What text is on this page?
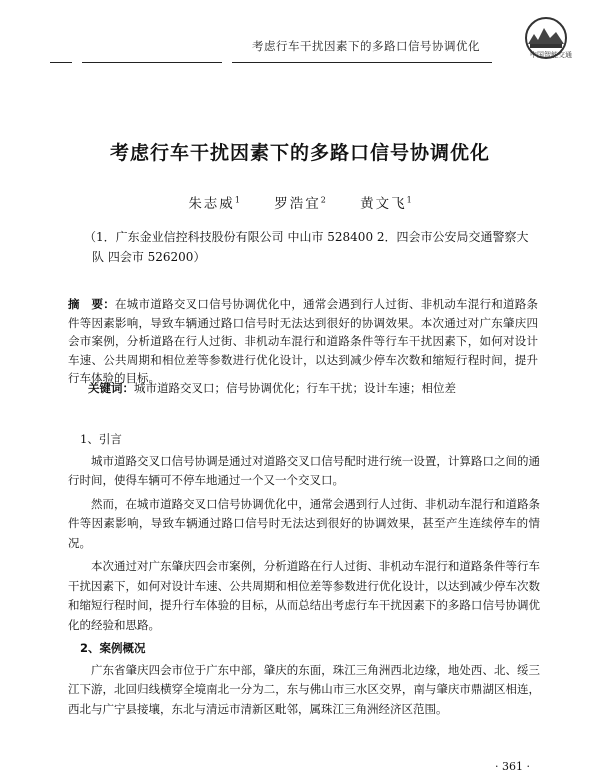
考虑行车干扰因素下的多路口信号协调优化
中国智能交通
考虑行车干扰因素下的多路口信号协调优化
朱志威$^1$	罗浩宜$^2$	黄文飞$^1$
（1．广东金业信控科技股份有限公司 中山市 528400 2．四会市公安局交通警察大队 四会市 526200）
摘　要：在城市道路交叉口信号协调优化中，通常会遇到行人过街、非机动车混行和道路条件等因素影响，导致车辆通过路口信号时无法达到很好的协调效果。本次通过对广东肇庆四会市案例，分析道路在行人过街、非机动车混行和道路条件等行车干扰因素下，如何对设计车速、公共周期和相位差等参数进行优化设计，以达到减少停车次数和缩短行程时间，提升行车体验的目标。
关键词：城市道路交叉口；信号协调优化；行车干扰；设计车速；相位差
1、引言

城市道路交叉口信号协调是通过对道路交叉口信号配时进行统一设置，计算路口之间的通行时间，使得车辆可不停车地通过一个又一个交叉口。

然而，在城市道路交叉口信号协调优化中，通常会遇到行人过街、非机动车混行和道路条件等因素影响，导致车辆通过路口信号时无法达到很好的协调效果，甚至产生连续停车的情况。

本次通过对广东肇庆四会市案例，分析道路在行人过街、非机动车混行和道路条件等行车干扰因素下，如何对设计车速、公共周期和相位差等参数进行优化设计，以达到减少停车次数和缩短行程时间，提升行车体验的目标，从而总结出考虑行车干扰因素下的多路口信号协调优化的经验和思路。

2、案例概况

广东省肇庆四会市位于广东中部，肇庆的东面，珠江三角洲西北边缘，地处西、北、绥三江下游，北回归线横穿全境南北一分为二，东与佛山市三水区交界，南与肇庆市鼎湖区相连，西北与广宁县接壤，东北与清远市清新区毗邻，属珠江三角洲经济区范围。

· 361 ·
